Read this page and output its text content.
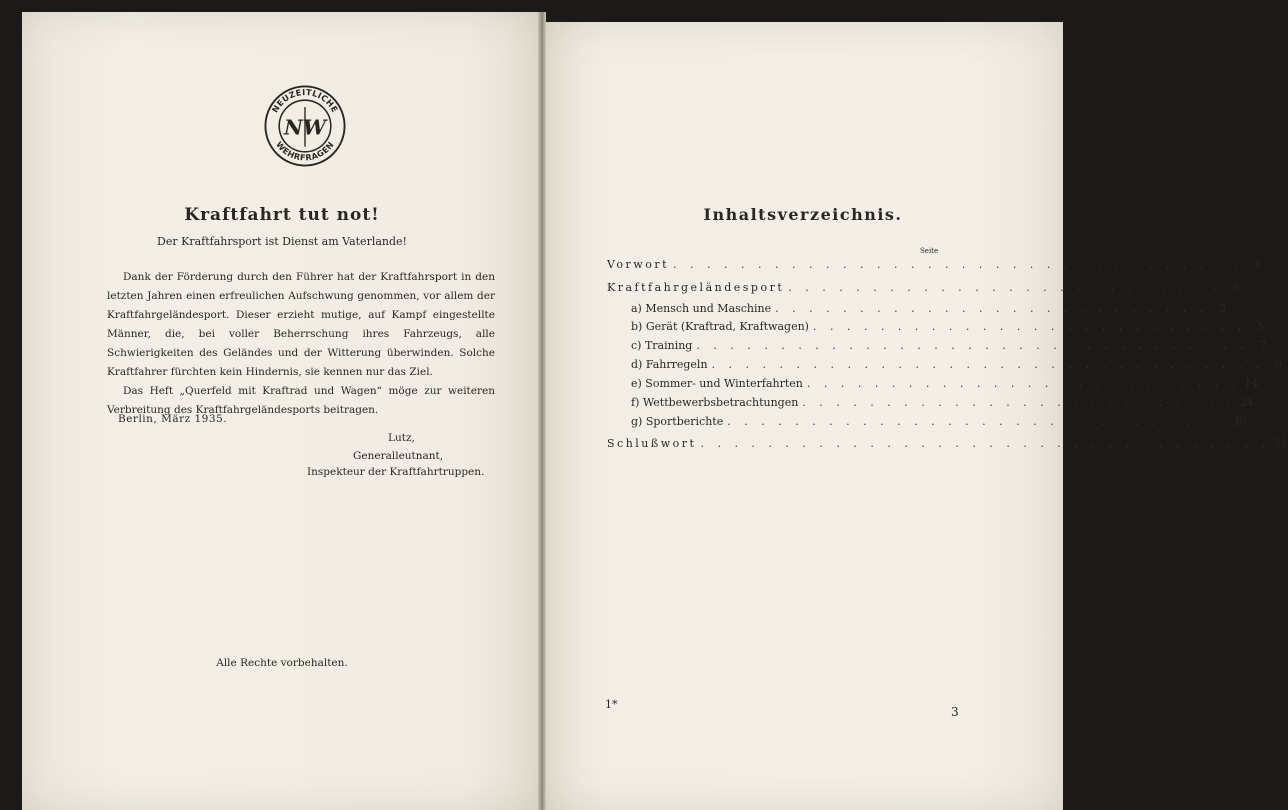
NEUZEITLICHE
WEHRFRAGEN
NW
Kraftfahrt tut not!
Der Kraftfahrsport ist Dienst am Vaterlande!

Dank der Förderung durch den Führer hat der Kraftfahrsport in den letzten Jahren einen erfreulichen Aufschwung genommen, vor allem der Kraftfahrgeländesport. Dieser erzieht mutige, auf Kampf eingestellte Männer, die, bei voller Beherrschung ihres Fahrzeugs, alle Schwierigkeiten des Geländes und der Witterung überwinden. Solche Kraftfahrer fürchten kein Hindernis, sie kennen nur das Ziel.

Das Heft „Querfeld mit Kraftrad und Wagen“ möge zur weiteren Verbreitung des Kraftfahrgeländesports beitragen.

Berlin, März 1935.
Lutz,
Generalleutnant,
Inspekteur der Kraftfahrtruppen.
Alle Rechte vorbehalten.
Inhaltsverzeichnis.
Seite
Vorwort . . . . . . . . . . . . . . . . . . . . . . . . . . . . . . . . . .	4
Kraftfahrgeländesport . . . . . . . . . . . . . . . . . . . . . . . . . .	5
a) Mensch und Maschine . . . . . . . . . . . . . . . . . . . . . . . . . .	5
b) Gerät (Kraftrad, Kraftwagen) . . . . . . . . . . . . . . . . . . . . . . . . . .	5
c) Training . . . . . . . . . . . . . . . . . . . . . . . . . . . . . . . . .	7
d) Fahrregeln . . . . . . . . . . . . . . . . . . . . . . . . . . . . . . . . .	9
e) Sommer- und Winterfahrten . . . . . . . . . . . . . . . . . . . . . . . . . . 14
f) Wettbewerbsbetrachtungen . . . . . . . . . . . . . . . . . . . . . . . . . . 24
g) Sportberichte . . . . . . . . . . . . . . . . . . . . . . . . . . . . . . 30
Schlußwort . . . . . . . . . . . . . . . . . . . . . . . . . . . . . . . . . . 31
1*
3
